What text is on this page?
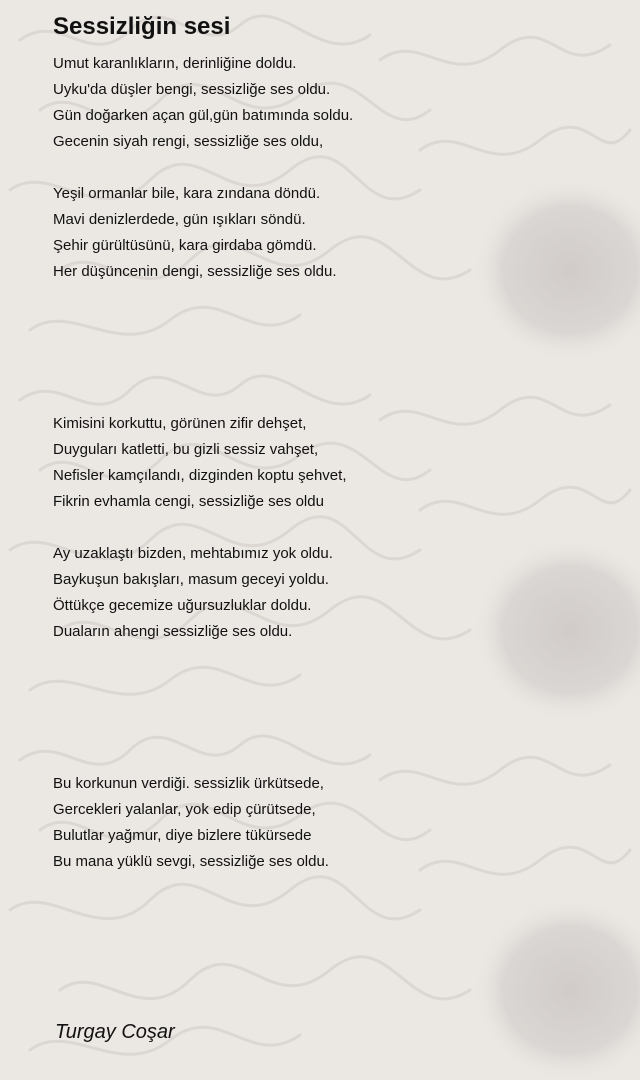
Sessizliğin sesi
Umut karanlıkların, derinliğine doldu.
Uyku'da düşler bengi, sessizliğe ses oldu.
Gün doğarken açan gül,gün batımında soldu.
Gecenin siyah rengi, sessizliğe ses oldu,
Yeşil ormanlar bile, kara zındana döndü.
Mavi denizlerdede, gün ışıkları söndü.
Şehir gürültüsünü, kara girdaba gömdü.
Her düşüncenin dengi, sessizliğe ses oldu.
Kimisini korkuttu, görünen zifir dehşet,
Duyguları katletti, bu gizli sessiz vahşet,
Nefisler kamçılandı, dizginden koptu şehvet,
Fikrin evhamla cengi, sessizliğe ses oldu
Ay uzaklaştı bizden, mehtabımız yok oldu.
Baykuşun bakışları, masum geceyi yoldu.
Öttükçe gecemize uğursuzluklar doldu.
Duaların ahengi sessizliğe ses oldu.
Bu korkunun verdiği. sessizlik ürkütsede,
Gercekleri yalanlar, yok edip çürütsede,
Bulutlar yağmur, diye bizlere tükürsede
Bu mana yüklü sevgi, sessizliğe ses oldu.

Turgay Coşar
